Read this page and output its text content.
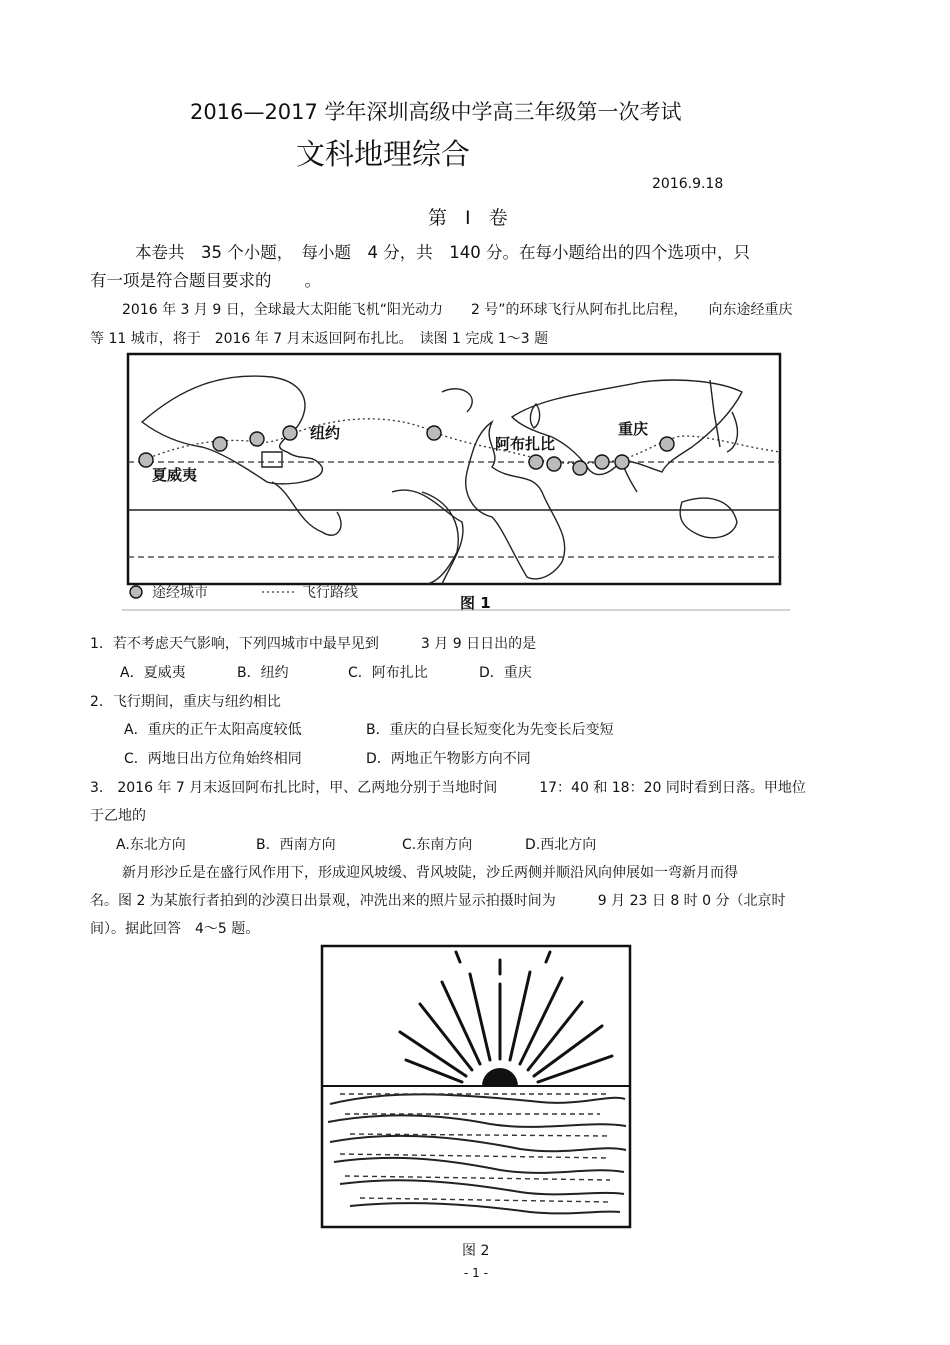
2016—2017 学年深圳高级中学高三年级第一次考试
文科地理综合
2016.9.18
第 Ⅰ 卷
本卷共　35 个小题，　每小题　4 分，共　140 分。在每小题给出的四个选项中，只
有一项是符合题目要求的　　。
2016 年 3 月 9 日，全球最大太阳能飞机“阳光动力　　2 号”的环球飞行从阿布扎比启程，　　向东途经重庆
等 11 城市，将于　2016 年 7 月末返回阿布扎比。　读图 1 完成 1～3 题
纽约
阿布扎比
重庆
夏威夷
途经城市	飞行路线
图 1
1．若不考虑天气影响，下列四城市中最早见到　　　3 月 9 日日出的是
A．夏威夷	B．纽约	C．阿布扎比	D．重庆
2．飞行期间，重庆与纽约相比
A．重庆的正午太阳高度较低	B．重庆的白昼长短变化为先变长后变短
C．两地日出方位角始终相同	D．两地正午物影方向不同
3.　2016 年 7 月末返回阿布扎比时，甲、乙两地分别于当地时间　　　17：40 和 18：20 同时看到日落。甲地位
于乙地的
A.东北方向	B．西南方向	C.东南方向	D.西北方向
新月形沙丘是在盛行风作用下，形成迎风坡缓、背风坡陡，沙丘两侧并顺沿风向伸展如一弯新月而得
名。图 2 为某旅行者拍到的沙漠日出景观，冲洗出来的照片显示拍摄时间为　　　9 月 23 日 8 时 0 分（北京时
间）。据此回答　4～5 题。
图 2
- 1 -
